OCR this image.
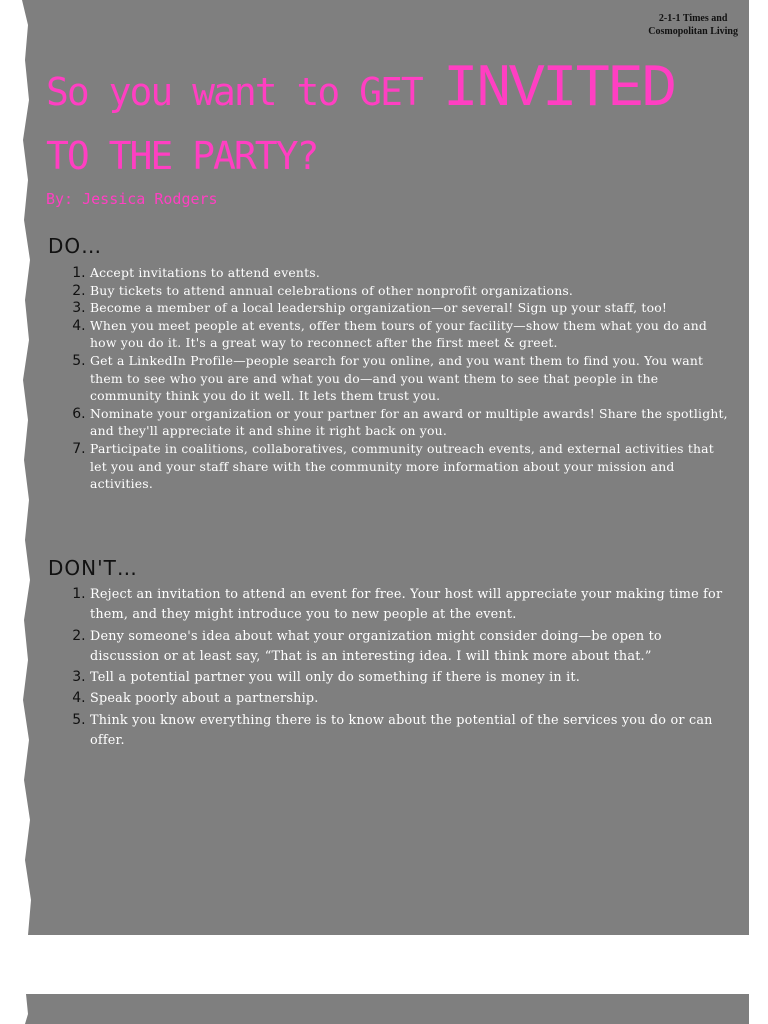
2-1-1 Times and
Cosmopolitan Living
So you want to GET INVITED
TO THE PARTY?
By: Jessica Rodgers
DO…
1. Accept invitations to attend events.
2. Buy tickets to attend annual celebrations of other nonprofit organizations.
3. Become a member of a local leadership organization—or several! Sign up your staff, too!
4. When you meet people at events, offer them tours of your facility—show them what you do and how you do it. It's a great way to reconnect after the first meet & greet.
5. Get a LinkedIn Profile—people search for you online, and you want them to find you. You want them to see who you are and what you do—and you want them to see that people in the community think you do it well. It lets them trust you.
6. Nominate your organization or your partner for an award or multiple awards! Share the spotlight, and they'll appreciate it and shine it right back on you.
7. Participate in coalitions, collaboratives, community outreach events, and external activities that let you and your staff share with the community more information about your mission and activities.
DON'T…
1. Reject an invitation to attend an event for free. Your host will appreciate your making time for them, and they might introduce you to new people at the event.
2. Deny someone's idea about what your organization might consider doing—be open to discussion or at least say, “That is an interesting idea. I will think more about that.”
3. Tell a potential partner you will only do something if there is money in it.
4. Speak poorly about a partnership.
5. Think you know everything there is to know about the potential of the services you do or can offer.
